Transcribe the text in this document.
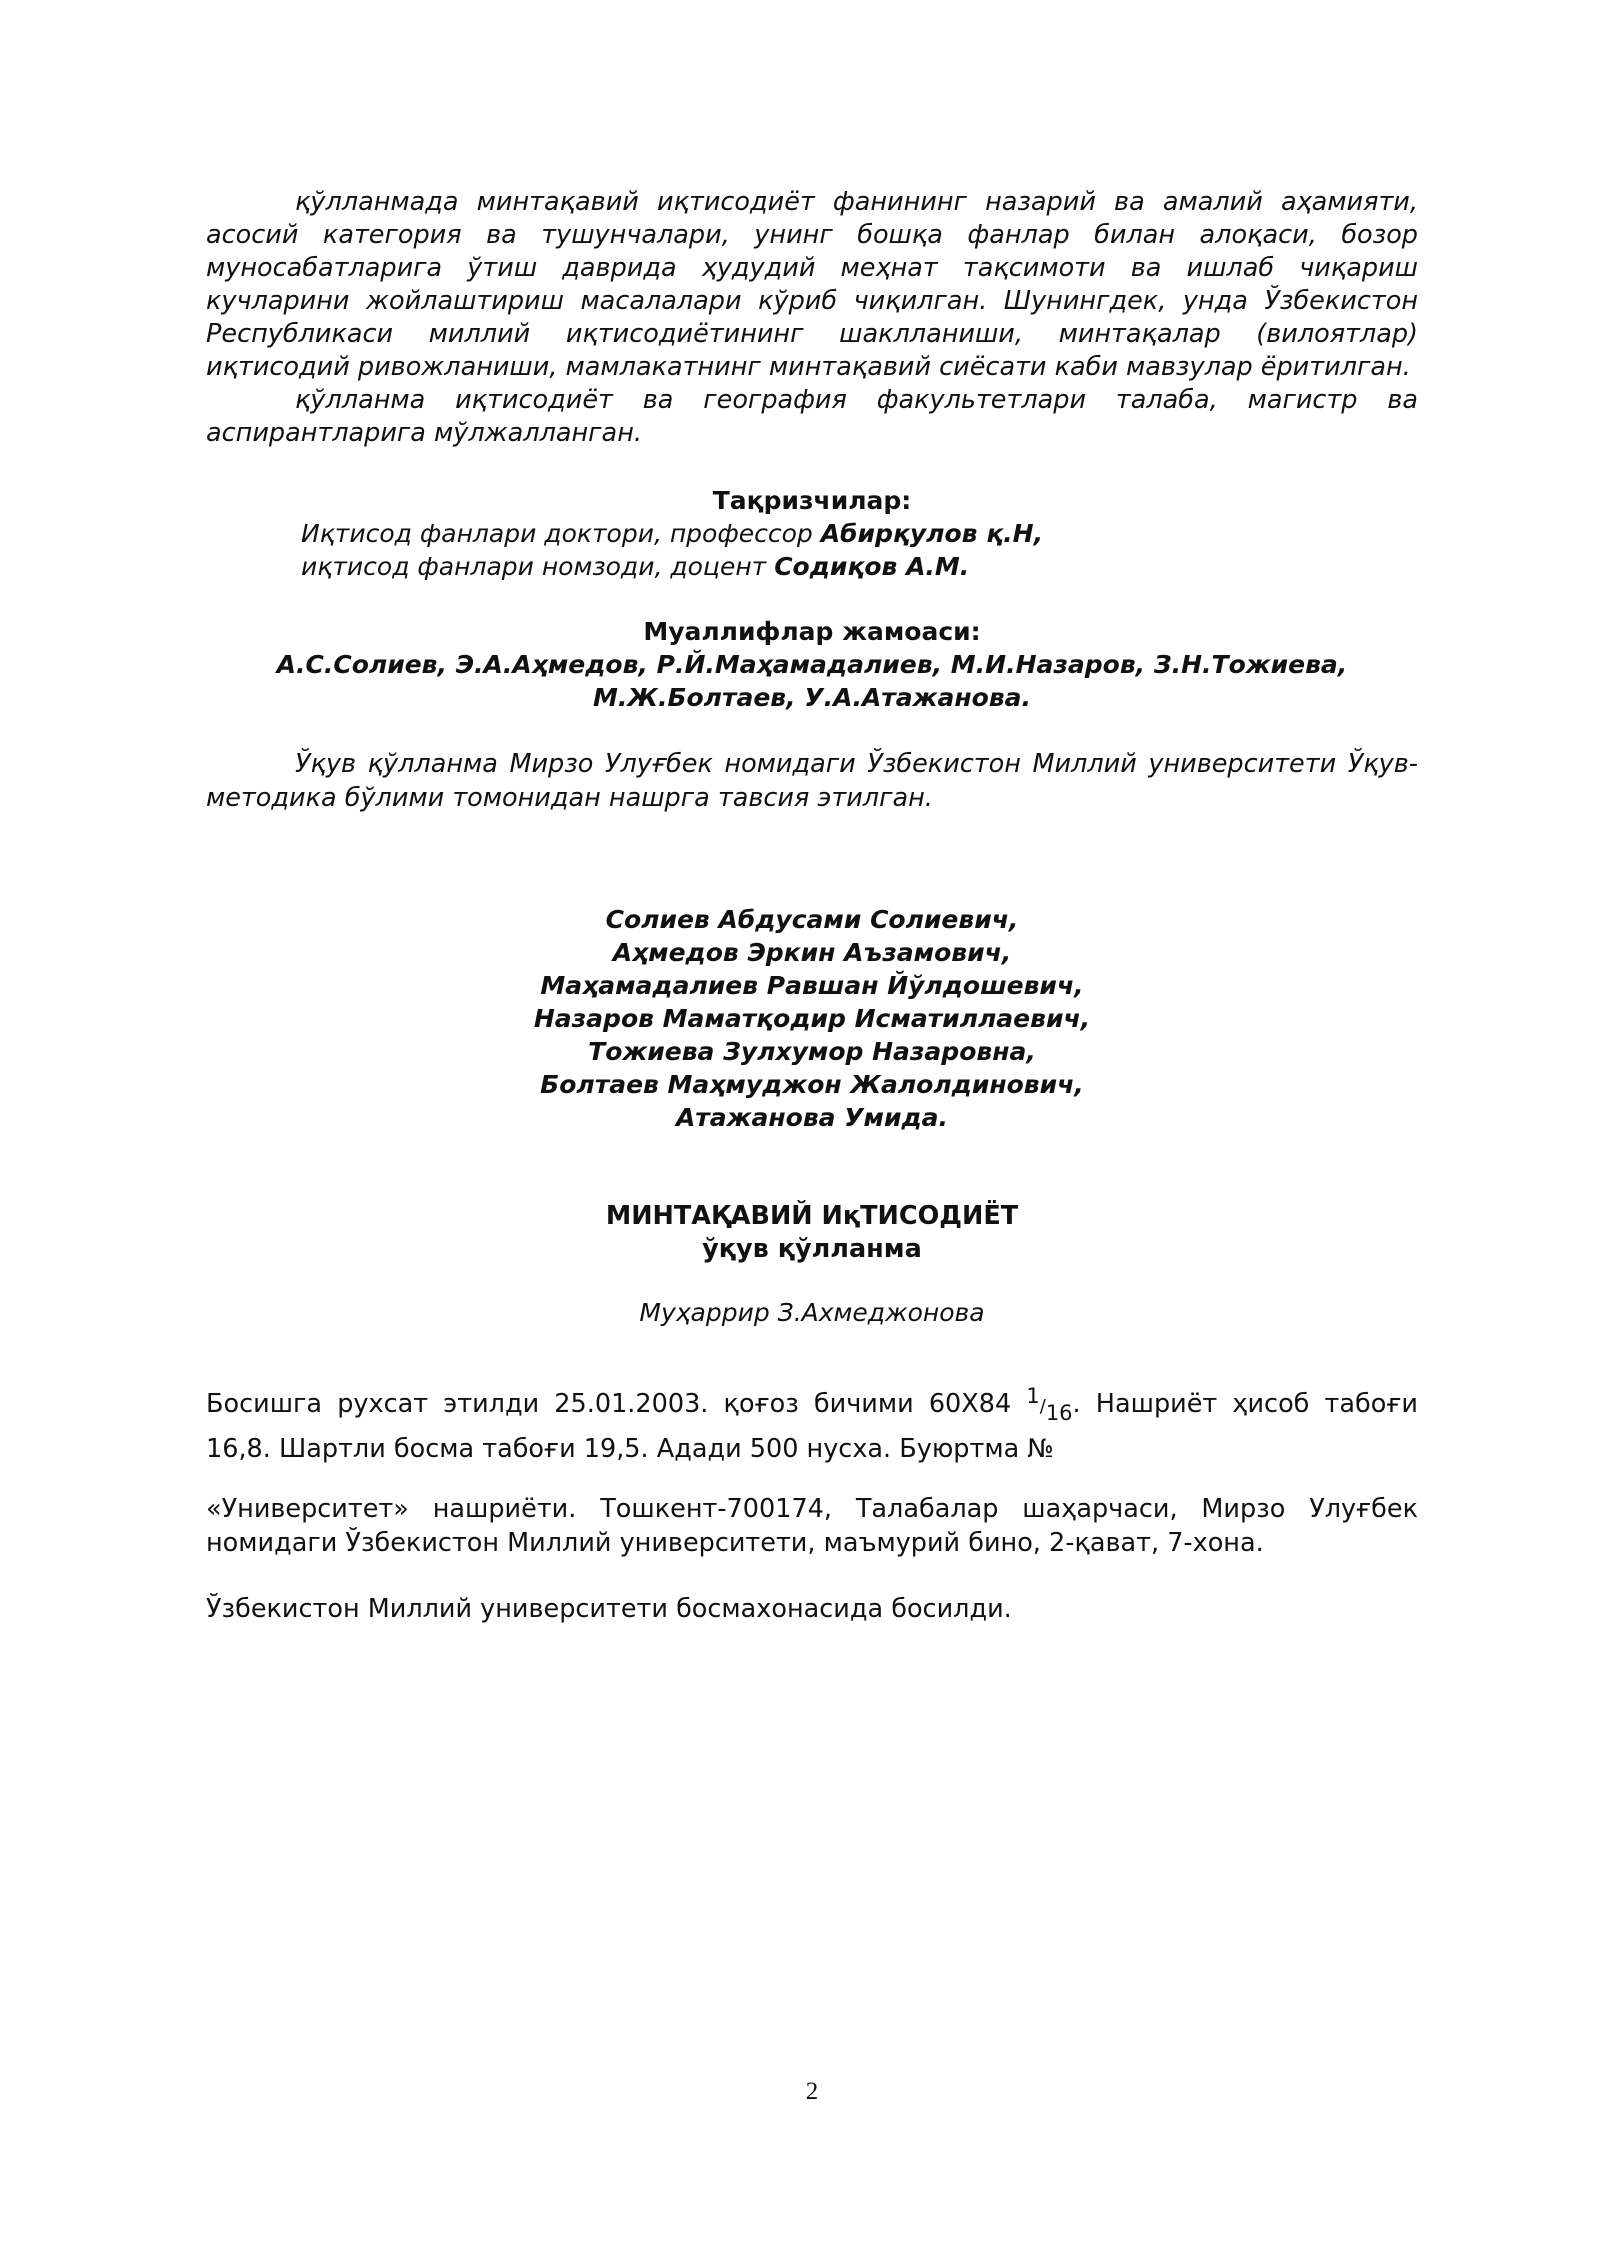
қўлланмада минтақавий иқтисодиёт фанининг назарий ва амалий аҳамияти, асосий категория ва тушунчалари, унинг бошқа фанлар билан алоқаси, бозор муносабатларига ўтиш даврида ҳудудий меҳнат тақсимоти ва ишлаб чиқариш кучларини жойлаштириш масалалари кўриб чиқилган. Шунингдек, унда Ўзбекистон Республикаси миллий иқтисодиётининг шаклланиши, минтақалар (вилоятлар) иқтисодий ривожланиши, мамлакатнинг минтақавий сиёсати каби мавзулар ёритилган.

қўлланма иқтисодиёт ва география факультетлари талаба, магистр ва аспирантларига мўлжалланган.

Тақризчилар:

Иқтисод фанлари доктори, профессор Абирқулов қ.Н,

иқтисод фанлари номзоди, доцент Содиқов А.М.

Муаллифлар жамоаси:

А.С.Солиев, Э.А.Аҳмедов, Р.Й.Маҳамадалиев, М.И.Назаров, З.Н.Тожиева,

М.Ж.Болтаев, У.А.Атажанова.

Ўқув қўлланма Мирзо Улуғбек номидаги Ўзбекистон Миллий университети Ўқув-методика бўлими томонидан нашрга тавсия этилган.

Солиев Абдусами Солиевич,

Аҳмедов Эркин Аъзамович,

Маҳамадалиев Равшан Йўлдошевич,

Назаров Маматқодир Исматиллаевич,

Тожиева Зулхумор Назаровна,

Болтаев Маҳмуджон Жалолдинович,

Атажанова Умида.

МИНТАҚАВИЙ ИқТИСОДИЁТ

ўқув қўлланма

Муҳаррир З.Ахмеджонова

Босишга рухсат этилди 25.01.2003. қоғоз бичими 60X84 $^1/_{16}$. Нашриёт ҳисоб табоғи 16,8. Шартли босма табоғи 19,5. Адади 500 нусха. Буюртма №

«Университет» нашриёти. Тошкент-700174, Талабалар шаҳарчаси, Мирзо Улуғбек номидаги Ўзбекистон Миллий университети, маъмурий бино, 2-қават, 7-хона.

Ўзбекистон Миллий университети босмахонасида босилди.

2
